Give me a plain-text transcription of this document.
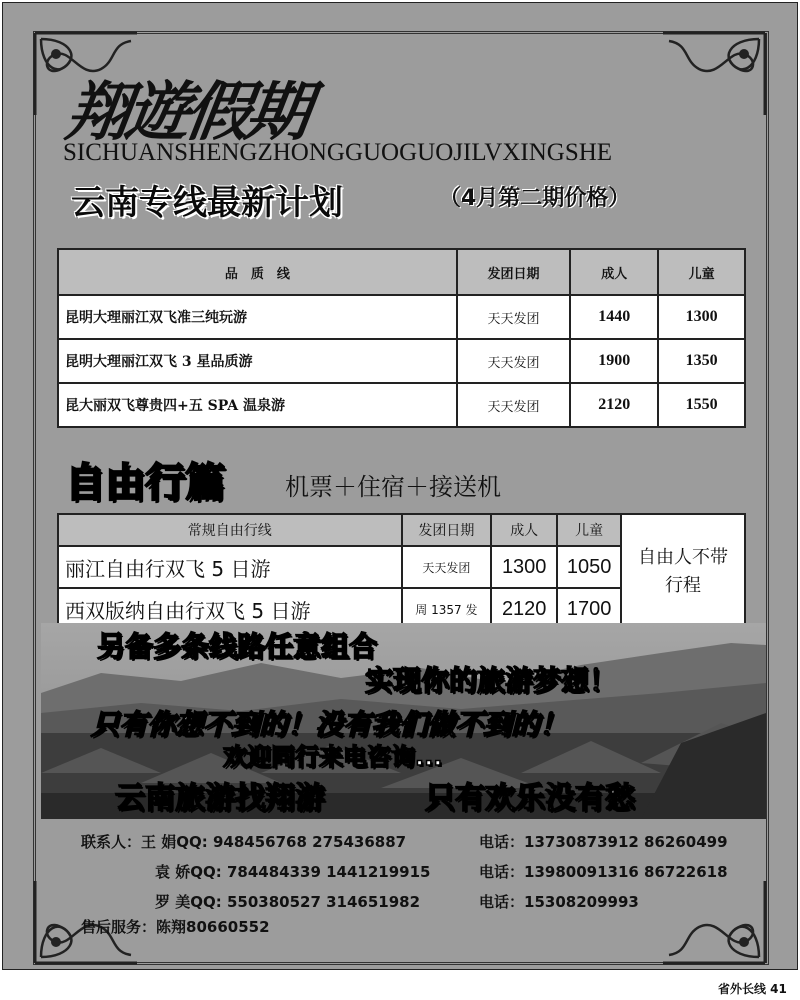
翔遊假期
SICHUANSHENGZHONGGUOGUOJILVXINGSHE
云南专线最新计划	（4月第二期价格）
品　质　线	发团日期	成人	儿童
昆明大理丽江双飞准三纯玩游	天天发团	1440	1300
昆明大理丽江双飞 3 星品质游	天天发团	1900	1350
昆大丽双飞尊贵四+五 SPA 温泉游	天天发团	2120	1550
自由行篇	机票＋住宿＋接送机
常规自由行线	发团日期	成人	儿童	自由人不带行程
丽江自由行双飞 5 日游	天天发团	1300	1050	
西双版纳自由行双飞 5 日游	周 1357 发	2120	1700	
另备多条线路任意组合
实现你的旅游梦想！
只有你想不到的！没有我们做不到的！
欢迎同行来电咨询...
云南旅游找翔游	只有欢乐没有愁
联系人：王 娟QQ: 948456768 275436887	电话：13730873912 86260499
袁 娇QQ: 784484339 1441219915	电话：13980091316 86722618
罗 美QQ: 550380527 314651982	电话：15308209993
售后服务：陈翔80660552
省外长线 41
